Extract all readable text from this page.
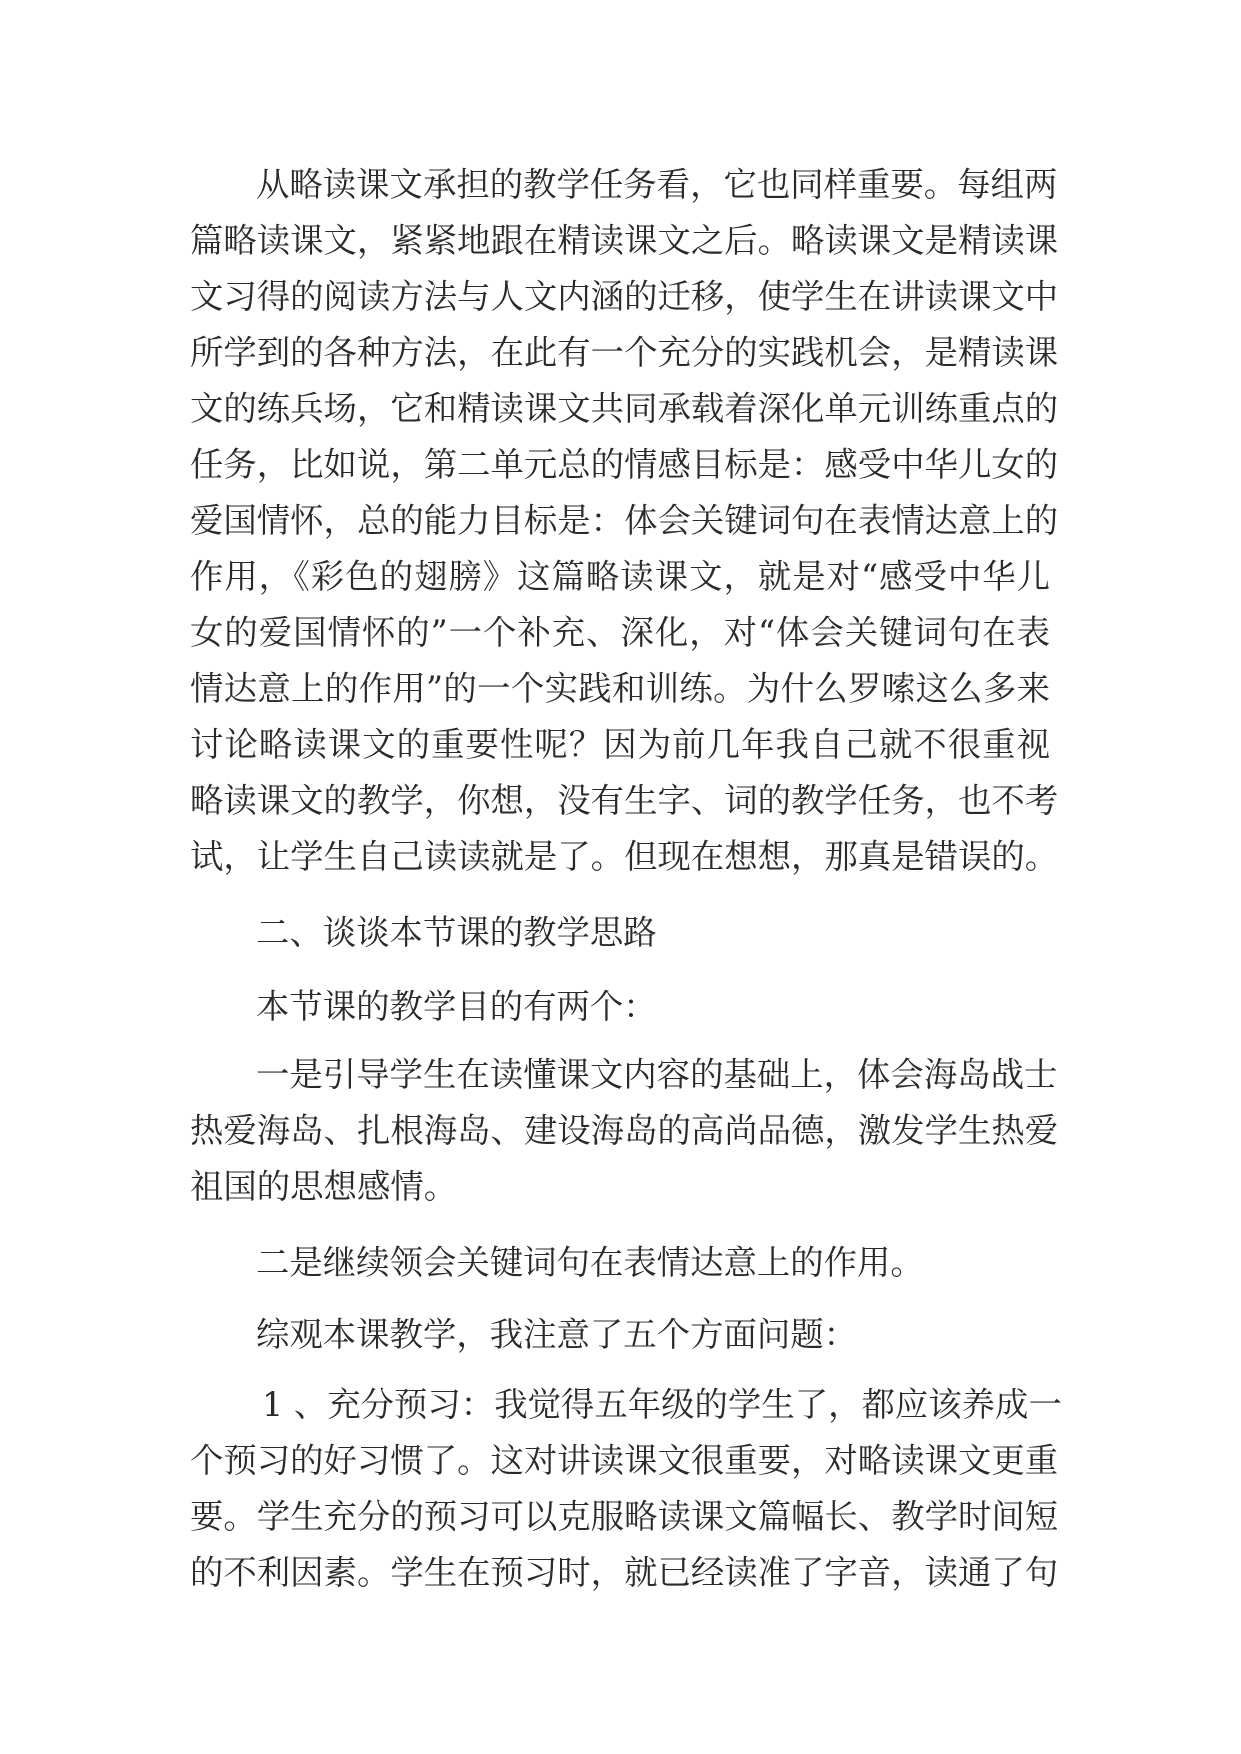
从略读课文承担的教学任务看，它也同样重要。每组两
篇略读课文，紧紧地跟在精读课文之后。略读课文是精读课
文习得的阅读方法与人文内涵的迁移，使学生在讲读课文中
所学到的各种方法，在此有一个充分的实践机会，是精读课
文的练兵场，它和精读课文共同承载着深化单元训练重点的
任务，比如说，第二单元总的情感目标是：感受中华儿女的
爱国情怀，总的能力目标是：体会关键词句在表情达意上的
作用，《彩色的翅膀》这篇略读课文，就是对“感受中华儿
女的爱国情怀的”一个补充、深化，对“体会关键词句在表
情达意上的作用”的一个实践和训练。为什么罗嗦这么多来
讨论略读课文的重要性呢？因为前几年我自己就不很重视
略读课文的教学，你想，没有生字、词的教学任务，也不考
试，让学生自己读读就是了。但现在想想，那真是错误的。
二、谈谈本节课的教学思路
本节课的教学目的有两个：
一是引导学生在读懂课文内容的基础上，体会海岛战士
热爱海岛、扎根海岛、建设海岛的高尚品德，激发学生热爱
祖国的思想感情。
二是继续领会关键词句在表情达意上的作用。
综观本课教学，我注意了五个方面问题：
1 、充分预习：我觉得五年级的学生了，都应该养成一
个预习的好习惯了。这对讲读课文很重要，对略读课文更重
要。学生充分的预习可以克服略读课文篇幅长、教学时间短
的不利因素。学生在预习时，就已经读准了字音，读通了句
